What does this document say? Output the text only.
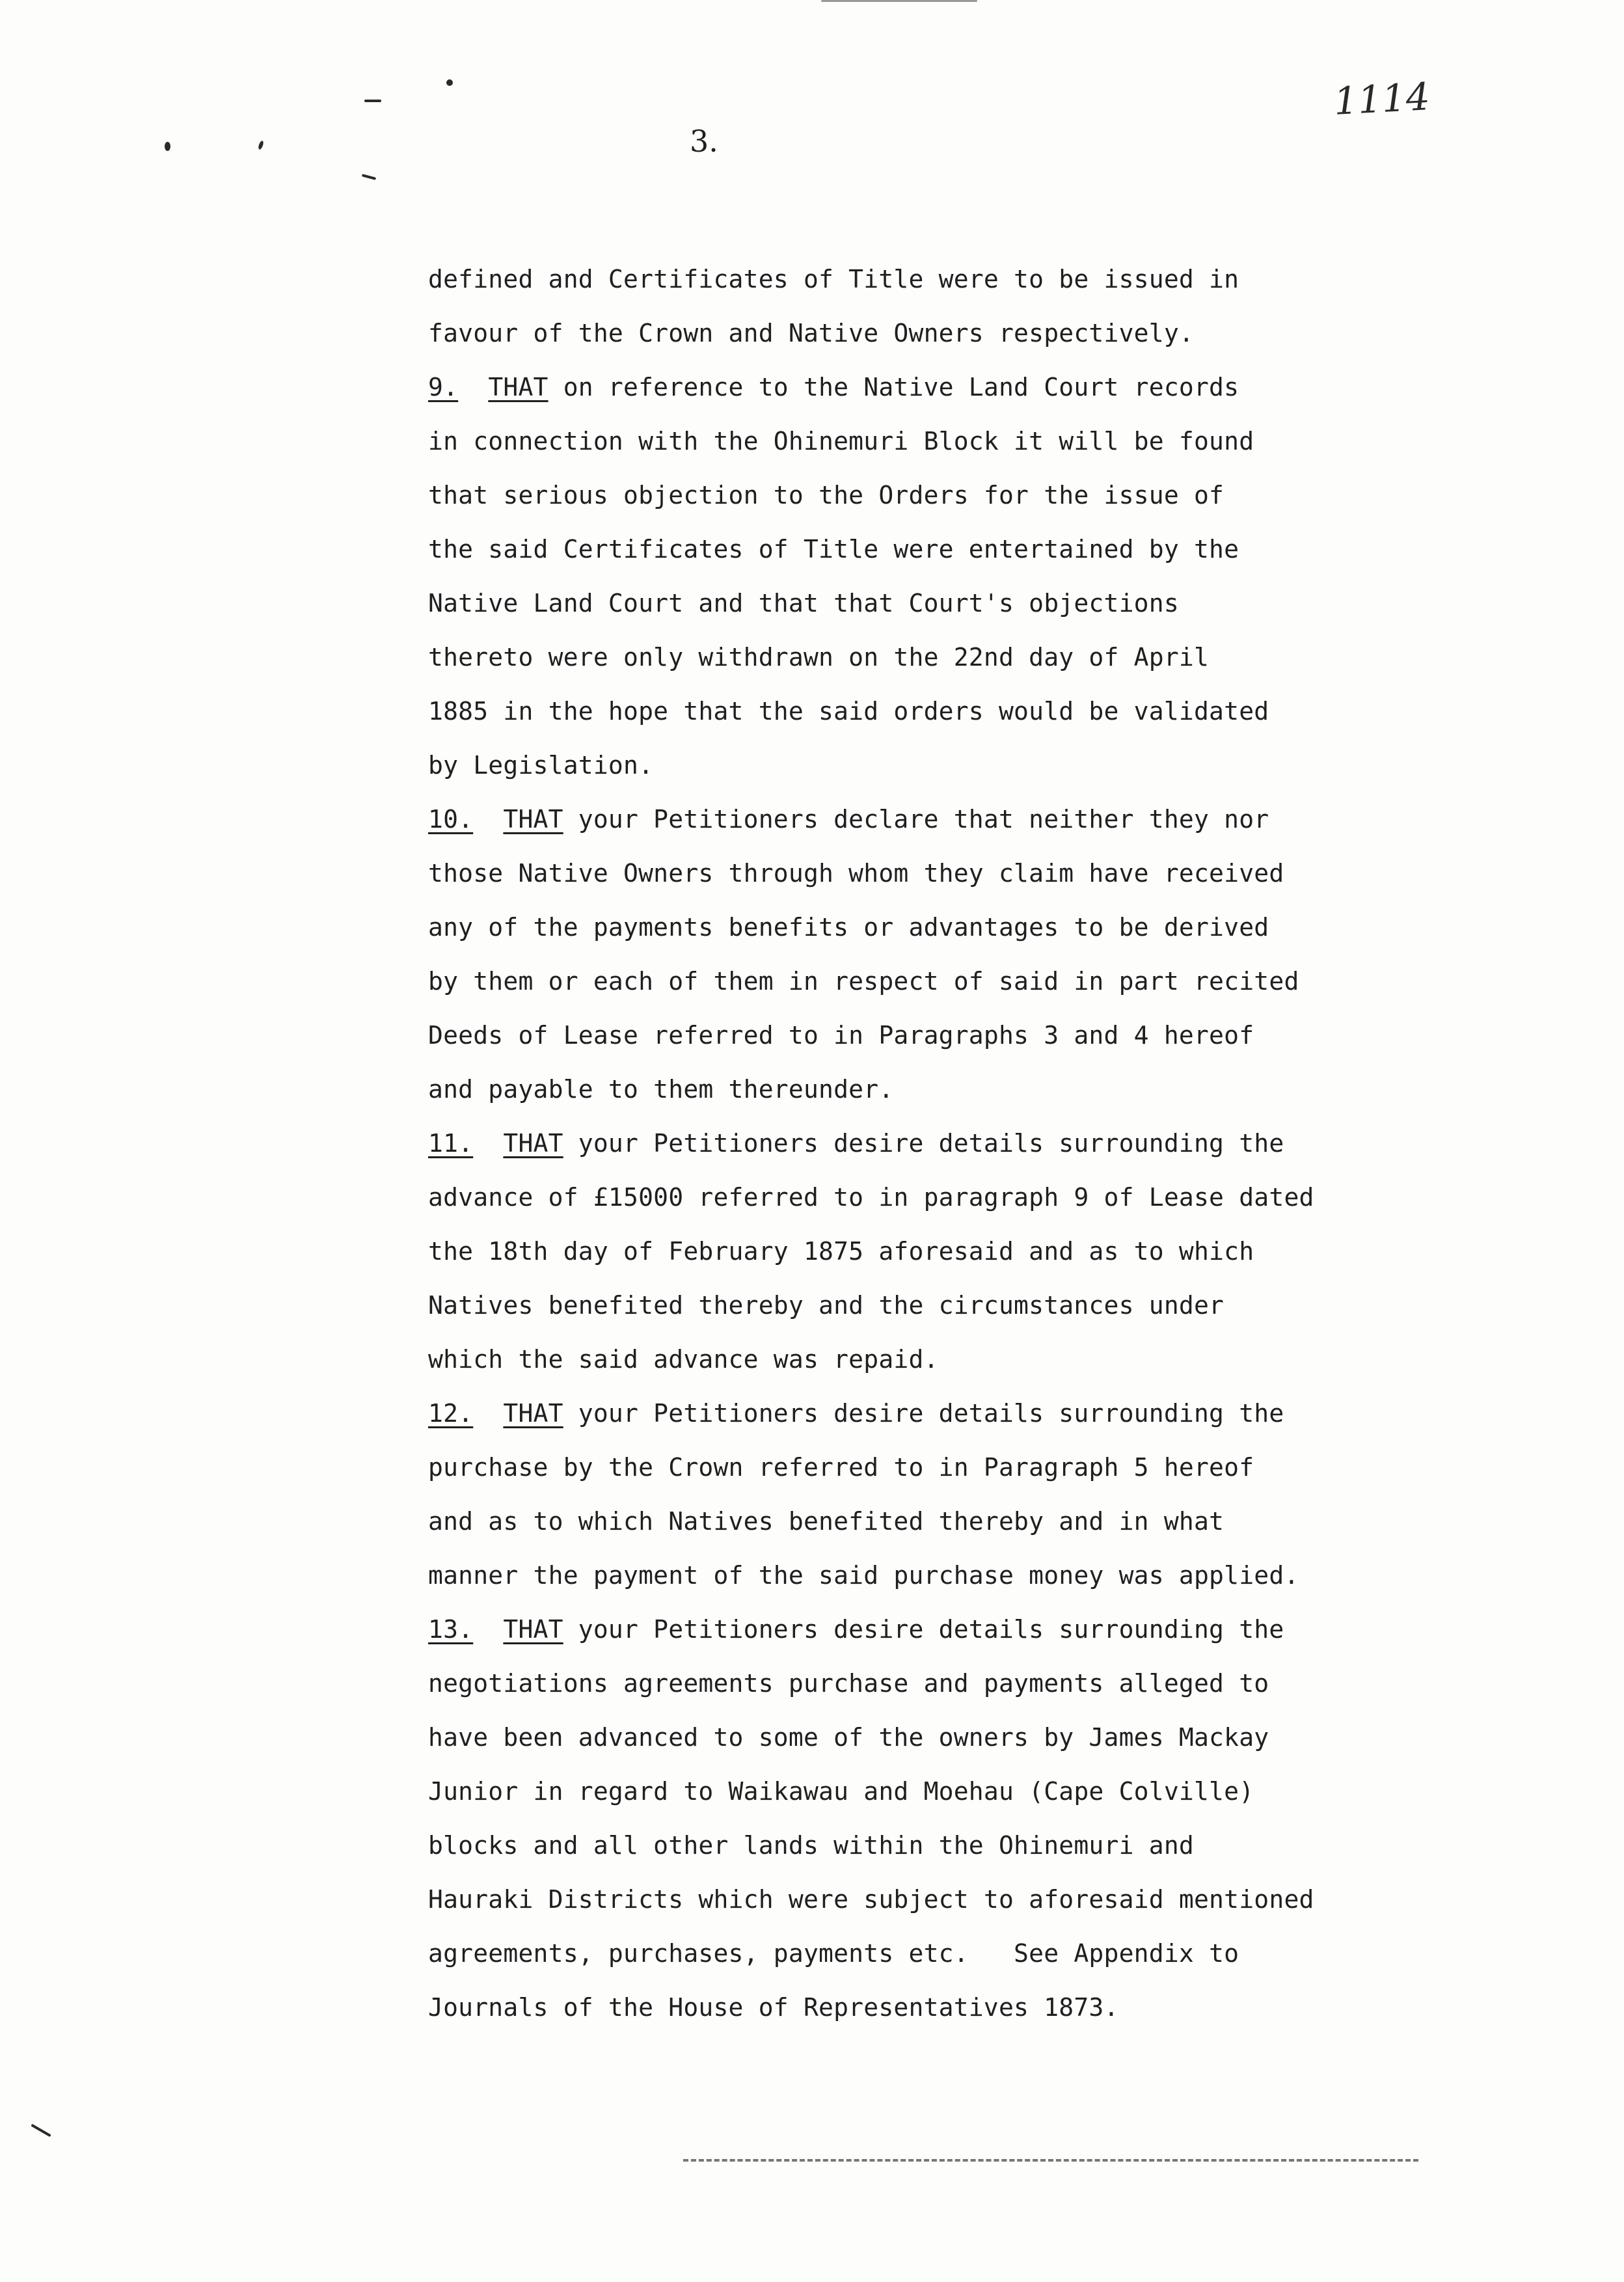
3.
1114
defined and Certificates of Title were to be issued in
favour of the Crown and Native Owners respectively.
9. THAT on reference to the Native Land Court records
in connection with the Ohinemuri Block it will be found
that serious objection to the Orders for the issue of
the said Certificates of Title were entertained by the
Native Land Court and that that Court's objections
thereto were only withdrawn on the 22nd day of April
1885 in the hope that the said orders would be validated
by Legislation.
10. THAT your Petitioners declare that neither they nor
those Native Owners through whom they claim have received
any of the payments benefits or advantages to be derived
by them or each of them in respect of said in part recited
Deeds of Lease referred to in Paragraphs 3 and 4 hereof
and payable to them thereunder.
11. THAT your Petitioners desire details surrounding the
advance of £15000 referred to in paragraph 9 of Lease dated
the 18th day of February 1875 aforesaid and as to which
Natives benefited thereby and the circumstances under
which the said advance was repaid.
12. THAT your Petitioners desire details surrounding the
purchase by the Crown referred to in Paragraph 5 hereof
and as to which Natives benefited thereby and in what
manner the payment of the said purchase money was applied.
13. THAT your Petitioners desire details surrounding the
negotiations agreements purchase and payments alleged to
have been advanced to some of the owners by James Mackay
Junior in regard to Waikawau and Moehau (Cape Colville)
blocks and all other lands within the Ohinemuri and
Hauraki Districts which were subject to aforesaid mentioned
agreements, purchases, payments etc.   See Appendix to
Journals of the House of Representatives 1873.
